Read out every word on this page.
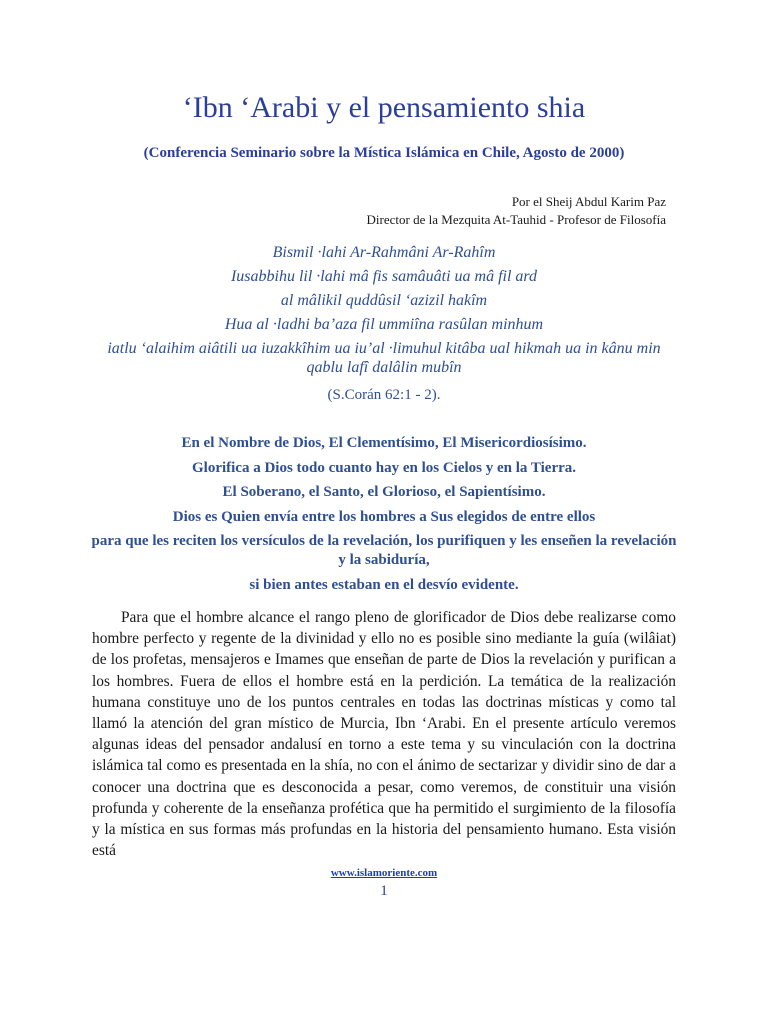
‘Ibn ‘Arabi y el pensamiento shia
(Conferencia Seminario sobre la Mística Islámica en Chile, Agosto de 2000)
Por el Sheij Abdul Karim Paz
Director de la Mezquita At-Tauhid - Profesor de Filosofía
Bismil ·lahi Ar-Rahmâni Ar-Rahîm
Iusabbihu lil ·lahi mâ fis samâuâti ua mâ fil ard
al mâlikil quddûsil ‘azizil hakîm
Hua al ·ladhi ba’aza fil ummiîna rasûlan minhum
iatlu ‘alaihim aiâtili ua iuzakkîhim ua iu’al ·limuhul kitâba ual hikmah ua in kânu min qablu lafî dalâlin mubîn
(S.Corán 62:1 - 2).
En el Nombre de Dios, El Clementísimo, El Misericordiosísimo.
Glorifica a Dios todo cuanto hay en los Cielos y en la Tierra.
El Soberano, el Santo, el Glorioso, el Sapientísimo.
Dios es Quien envía entre los hombres a Sus elegidos de entre ellos
para que les reciten los versículos de la revelación, los purifiquen y les enseñen la revelación y la sabiduría,
si bien antes estaban en el desvío evidente.

Para que el hombre alcance el rango pleno de glorificador de Dios debe realizarse como hombre perfecto y regente de la divinidad y ello no es posible sino mediante la guía (wilâiat) de los profetas, mensajeros e Imames que enseñan de parte de Dios la revelación y purifican a los hombres. Fuera de ellos el hombre está en la perdición. La temática de la realización humana constituye uno de los puntos centrales en todas las doctrinas místicas y como tal llamó la atención del gran místico de Murcia, Ibn ‘Arabi. En el presente artículo veremos algunas ideas del pensador andalusí en torno a este tema y su vinculación con la doctrina islámica tal como es presentada en la shía, no con el ánimo de sectarizar y dividir sino de dar a conocer una doctrina que es desconocida a pesar, como veremos, de constituir una visión profunda y coherente de la enseñanza profética que ha permitido el surgimiento de la filosofía y la mística en sus formas más profundas en la historia del pensamiento humano. Esta visión está

www.islamoriente.com
1
